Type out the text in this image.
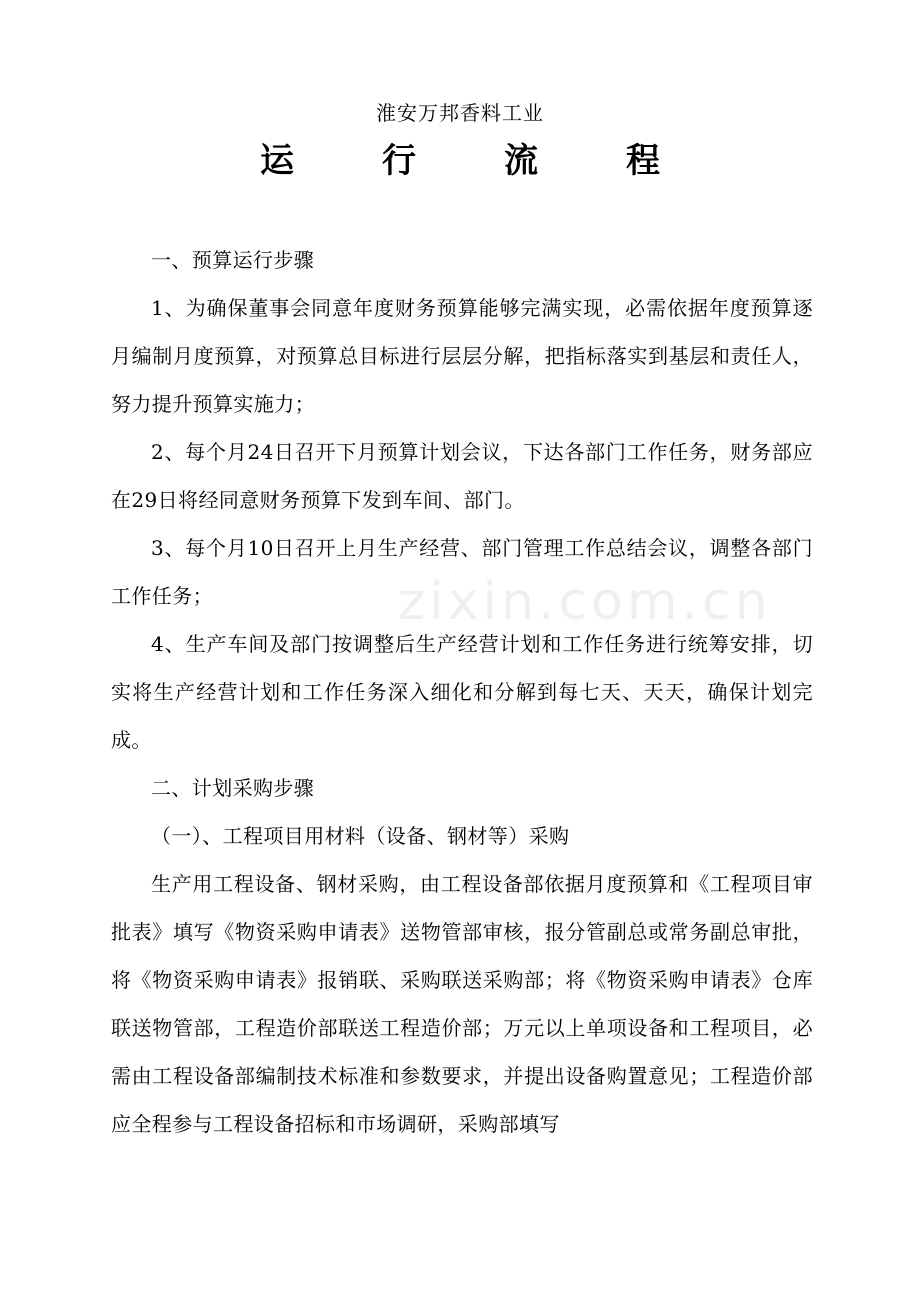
淮安万邦香料工业
运	行	流	程
zixin.com.cn

一、预算运行步骤

1、为确保董事会同意年度财务预算能够完满实现，必需依据年度预算逐月编制月度预算，对预算总目标进行层层分解，把指标落实到基层和责任人，努力提升预算实施力；

2、每个月24日召开下月预算计划会议，下达各部门工作任务，财务部应在29日将经同意财务预算下发到车间、部门。

3、每个月10日召开上月生产经营、部门管理工作总结会议，调整各部门工作任务；

4、生产车间及部门按调整后生产经营计划和工作任务进行统筹安排，切实将生产经营计划和工作任务深入细化和分解到每七天、天天，确保计划完成。

二、计划采购步骤

（一）、工程项目用材料（设备、钢材等）采购

生产用工程设备、钢材采购，由工程设备部依据月度预算和《工程项目审批表》填写《物资采购申请表》送物管部审核，报分管副总或常务副总审批，将《物资采购申请表》报销联、采购联送采购部；将《物资采购申请表》仓库联送物管部，工程造价部联送工程造价部；万元以上单项设备和工程项目，必需由工程设备部编制技术标准和参数要求，并提出设备购置意见；工程造价部应全程参与工程设备招标和市场调研，采购部填写
